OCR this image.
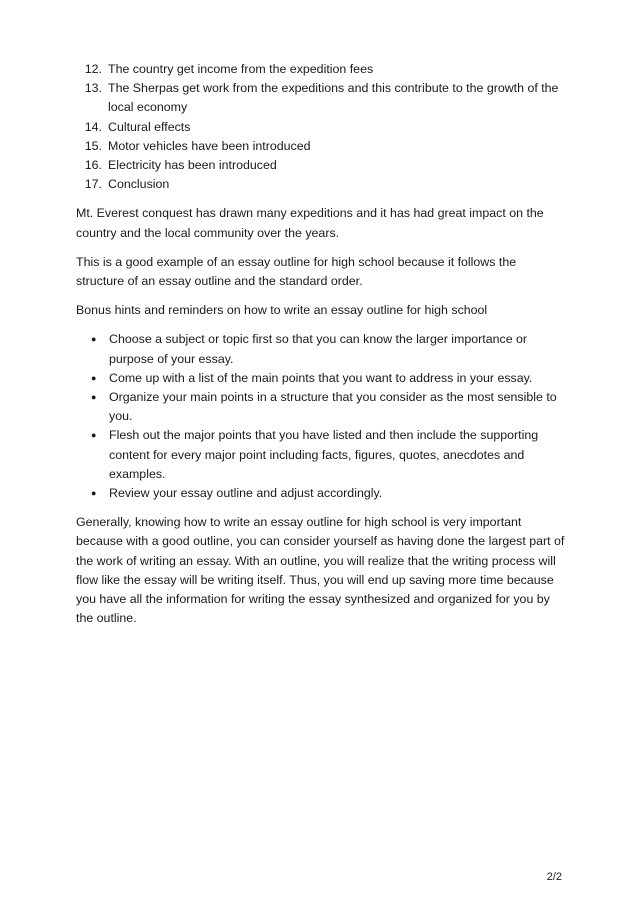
12. The country get income from the expedition fees
13. The Sherpas get work from the expeditions and this contribute to the growth of the local economy
14. Cultural effects
15. Motor vehicles have been introduced
16. Electricity has been introduced
17. Conclusion

Mt. Everest conquest has drawn many expeditions and it has had great impact on the country and the local community over the years.

This is a good example of an essay outline for high school because it follows the structure of an essay outline and the standard order.

Bonus hints and reminders on how to write an essay outline for high school

● Choose a subject or topic first so that you can know the larger importance or purpose of your essay.
● Come up with a list of the main points that you want to address in your essay.
● Organize your main points in a structure that you consider as the most sensible to you.
● Flesh out the major points that you have listed and then include the supporting content for every major point including facts, figures, quotes, anecdotes and examples.
● Review your essay outline and adjust accordingly.

Generally, knowing how to write an essay outline for high school is very important because with a good outline, you can consider yourself as having done the largest part of the work of writing an essay. With an outline, you will realize that the writing process will flow like the essay will be writing itself. Thus, you will end up saving more time because you have all the information for writing the essay synthesized and organized for you by the outline.

2/2
